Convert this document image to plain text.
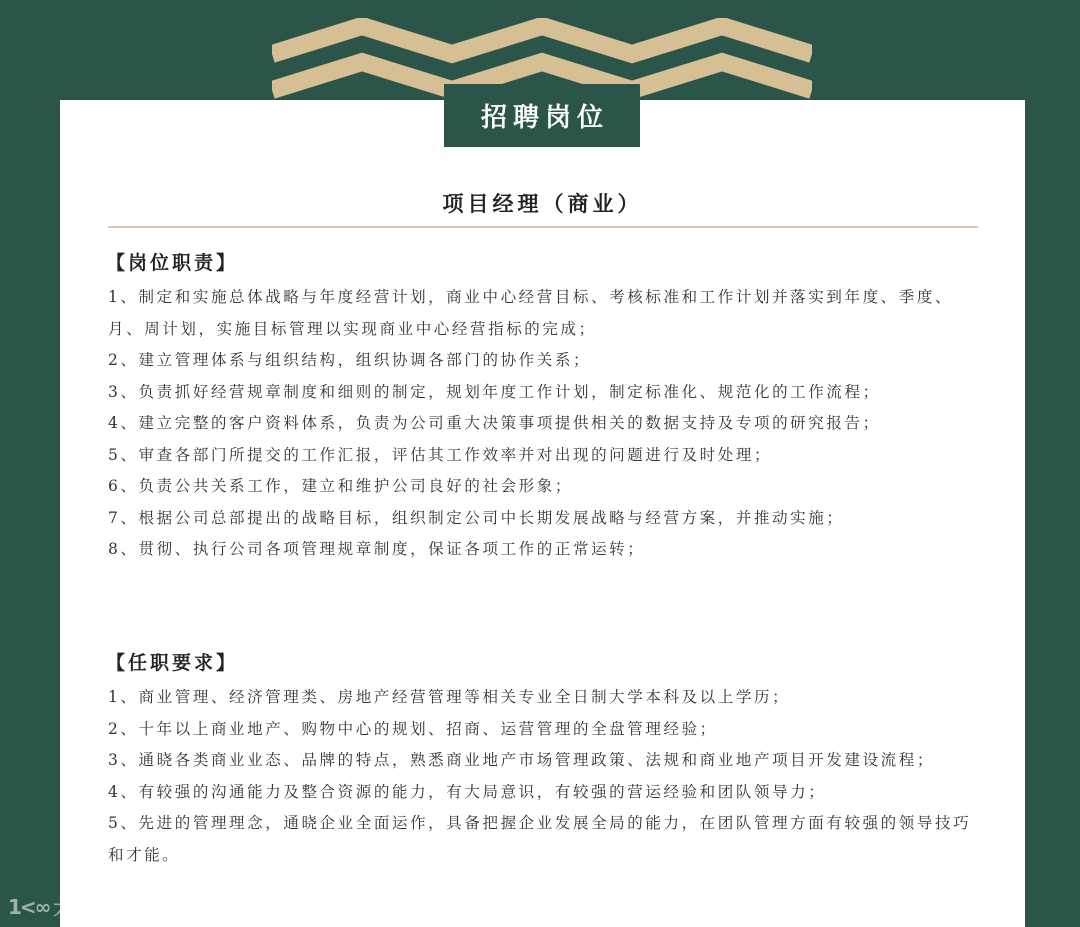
招聘岗位
项目经理（商业）
【岗位职责】

1、制定和实施总体战略与年度经营计划，商业中心经营目标、考核标准和工作计划并落实到年度、季度、月、周计划，实施目标管理以实现商业中心经营指标的完成；

2、建立管理体系与组织结构，组织协调各部门的协作关系；

3、负责抓好经营规章制度和细则的制定，规划年度工作计划，制定标准化、规范化的工作流程；

4、建立完整的客户资料体系，负责为公司重大决策事项提供相关的数据支持及专项的研究报告；

5、审查各部门所提交的工作汇报，评估其工作效率并对出现的问题进行及时处理；

6、负责公共关系工作，建立和维护公司良好的社会形象；

7、根据公司总部提出的战略目标，组织制定公司中长期发展战略与经营方案，并推动实施；

8、贯彻、执行公司各项管理规章制度，保证各项工作的正常运转；

【任职要求】

1、商业管理、经济管理类、房地产经营管理等相关专业全日制大学本科及以上学历；

2、十年以上商业地产、购物中心的规划、招商、运营管理的全盘管理经验；

3、通晓各类商业业态、品牌的特点，熟悉商业地产市场管理政策、法规和商业地产项目开发建设流程；

4、有较强的沟通能力及整合资源的能力，有大局意识，有较强的营运经验和团队领导力；

5、先进的管理理念，通晓企业全面运作，具备把握企业发展全局的能力，在团队管理方面有较强的领导技巧和才能。

1<∞ 大数跨境
